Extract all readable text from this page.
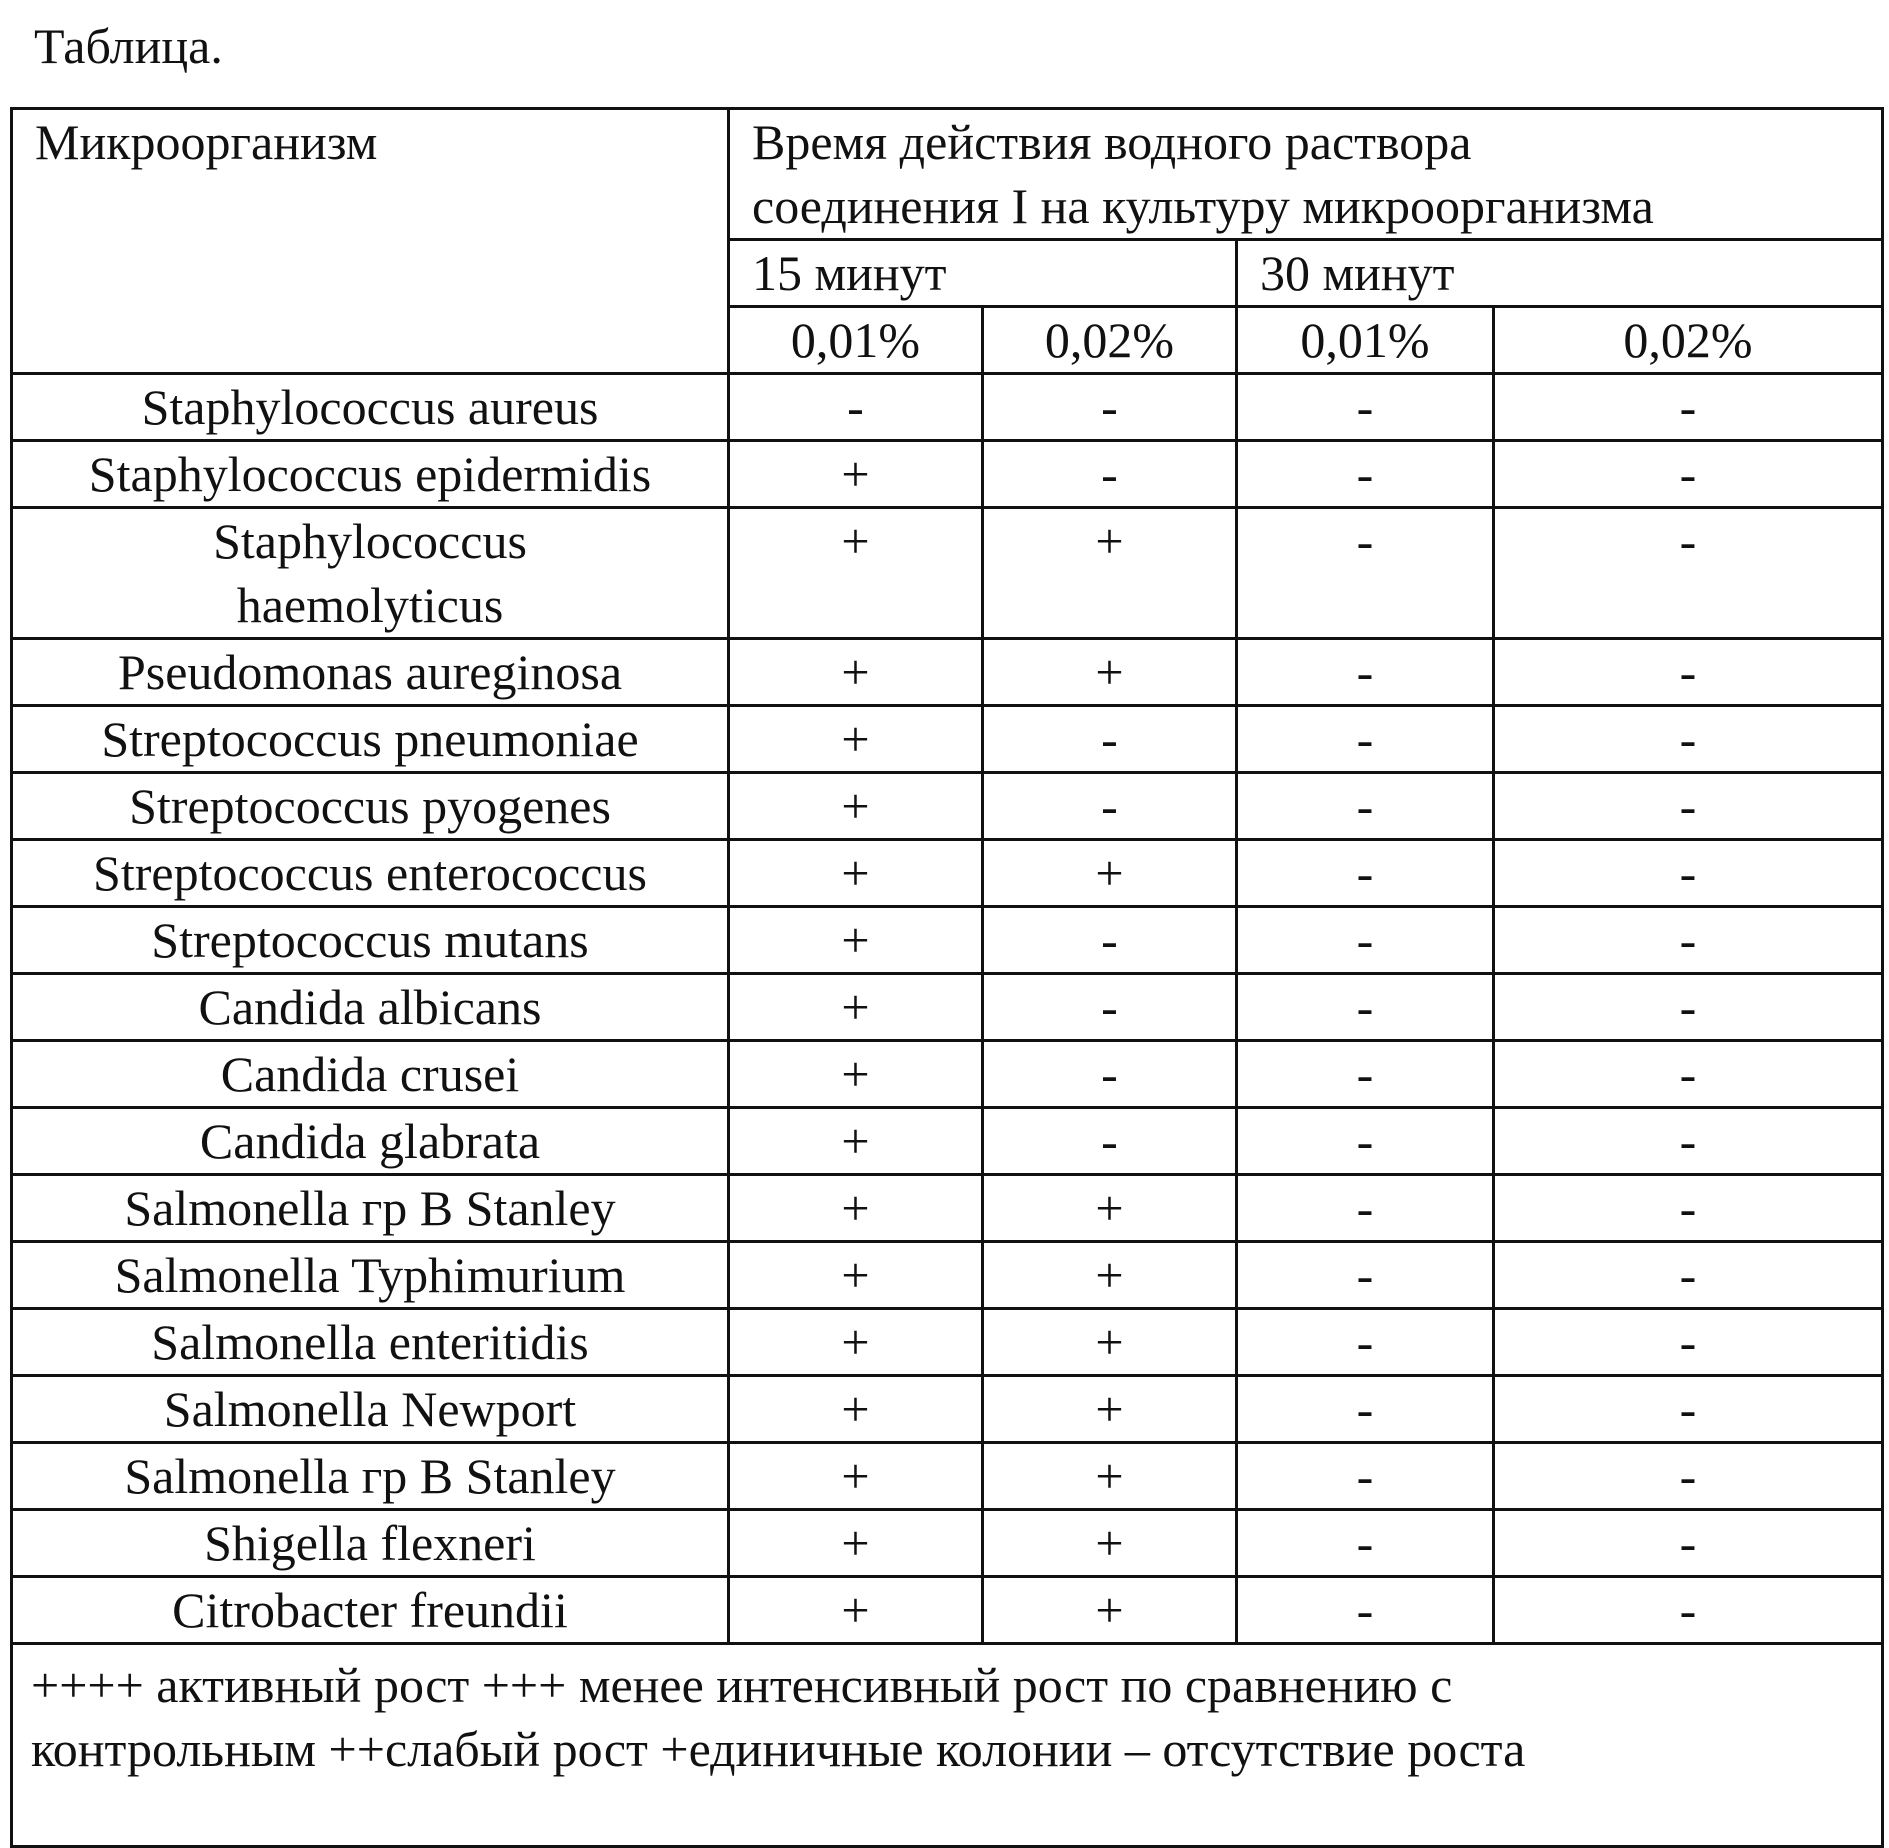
Таблица.
Микроорганизм	Время действия водного раствора
соединения I на культуру микроорганизма			

	15 минут		30 минут	
	0,01%	0,02%	0,01%	0,02%
Staphylococcus aureus	-	-	-	-
Staphylococcus epidermidis	+	-	-	-
Staphylococcus haemolyticus	+	+	-	-
Pseudomonas aureginosa	+	+	-	-
Streptococcus pneumoniae	+	-	-	-
Streptococcus pyogenes	+	-	-	-
Streptococcus enterococcus	+	+	-	-
Streptococcus mutans	+	-	-	-
Candida albicans	+	-	-	-
Candida crusei	+	-	-	-
Candida glabrata	+	-	-	-
Salmonella гр B Stanley	+	+	-	-
Salmonella Typhimurium	+	+	-	-
Salmonella enteritidis	+	+	-	-
Salmonella Newport	+	+	-	-
Salmonella гр B Stanley	+	+	-	-
Shigella flexneri	+	+	-	-
Citrobacter freundii	+	+	-	-

++++ активный рост +++ менее интенсивный рост по сравнению с
контрольным ++слабый рост +единичные колонии – отсутствие роста				
